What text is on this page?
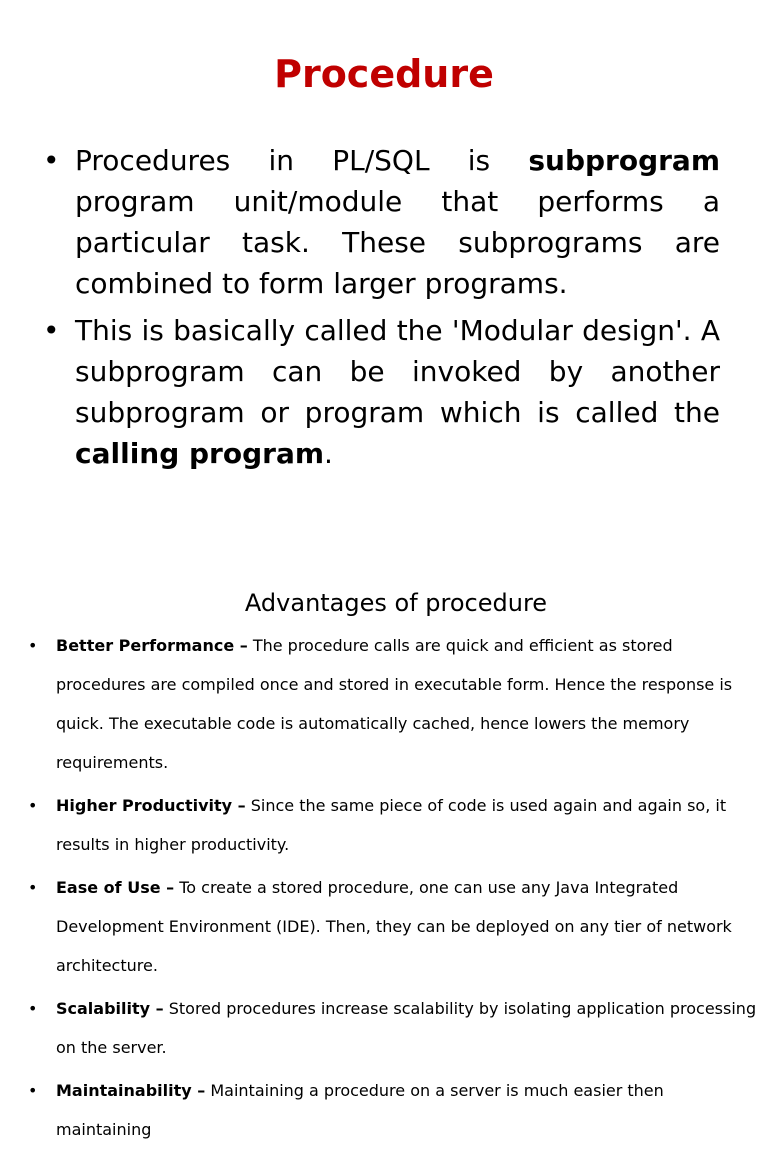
Procedure
• Procedures in PL/SQL is subprogram program unit/module that performs a particular task. These subprograms are combined to form larger programs.
• This is basically called the 'Modular design'. A subprogram can be invoked by another subprogram or program which is called the calling program.
Advantages of procedure
• Better Performance – The procedure calls are quick and efficient as stored procedures are compiled once and stored in executable form. Hence the response is quick. The executable code is automatically cached, hence lowers the memory requirements.
• Higher Productivity – Since the same piece of code is used again and again so, it results in higher productivity.
• Ease of Use – To create a stored procedure, one can use any Java Integrated Development Environment (IDE). Then, they can be deployed on any tier of network architecture.
• Scalability – Stored procedures increase scalability by isolating application processing on the server.
• Maintainability – Maintaining a procedure on a server is much easier then maintaining
